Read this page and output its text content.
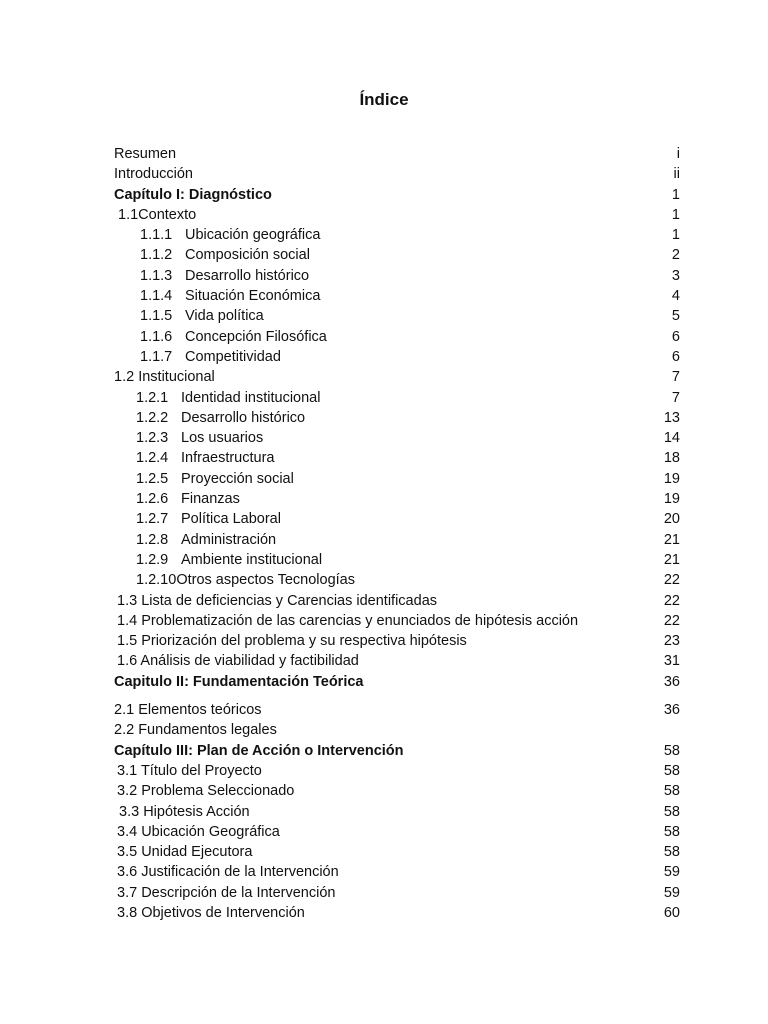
Índice
Resumen	i
Introducción	ii
Capítulo I: Diagnóstico	1
1.1Contexto	1
1.1.1 Ubicación geográfica	1
1.1.2 Composición social	2
1.1.3 Desarrollo histórico	3
1.1.4 Situación Económica	4
1.1.5 Vida política	5
1.1.6 Concepción Filosófica	6
1.1.7 Competitividad	6
1.2 Institucional	7
1.2.1 Identidad institucional	7
1.2.2 Desarrollo histórico	13
1.2.3 Los usuarios	14
1.2.4 Infraestructura	18
1.2.5 Proyección social	19
1.2.6 Finanzas	19
1.2.7 Política Laboral	20
1.2.8 Administración	21
1.2.9 Ambiente institucional	21
1.2.10Otros aspectos Tecnologías	22
1.3 Lista de deficiencias y Carencias identificadas	22
1.4 Problematización de las carencias y enunciados de hipótesis acción	22
1.5 Priorización del problema y su respectiva hipótesis	23
1.6 Análisis de viabilidad y factibilidad	31
Capitulo II: Fundamentación Teórica	36
2.1 Elementos teóricos	36
2.2 Fundamentos legales
Capítulo III: Plan de Acción o Intervención	58
3.1 Título del Proyecto	58
3.2 Problema Seleccionado	58
3.3 Hipótesis Acción	58
3.4 Ubicación Geográfica	58
3.5 Unidad Ejecutora	58
3.6 Justificación de la Intervención	59
3.7 Descripción de la Intervención	59
3.8 Objetivos de Intervención	60
